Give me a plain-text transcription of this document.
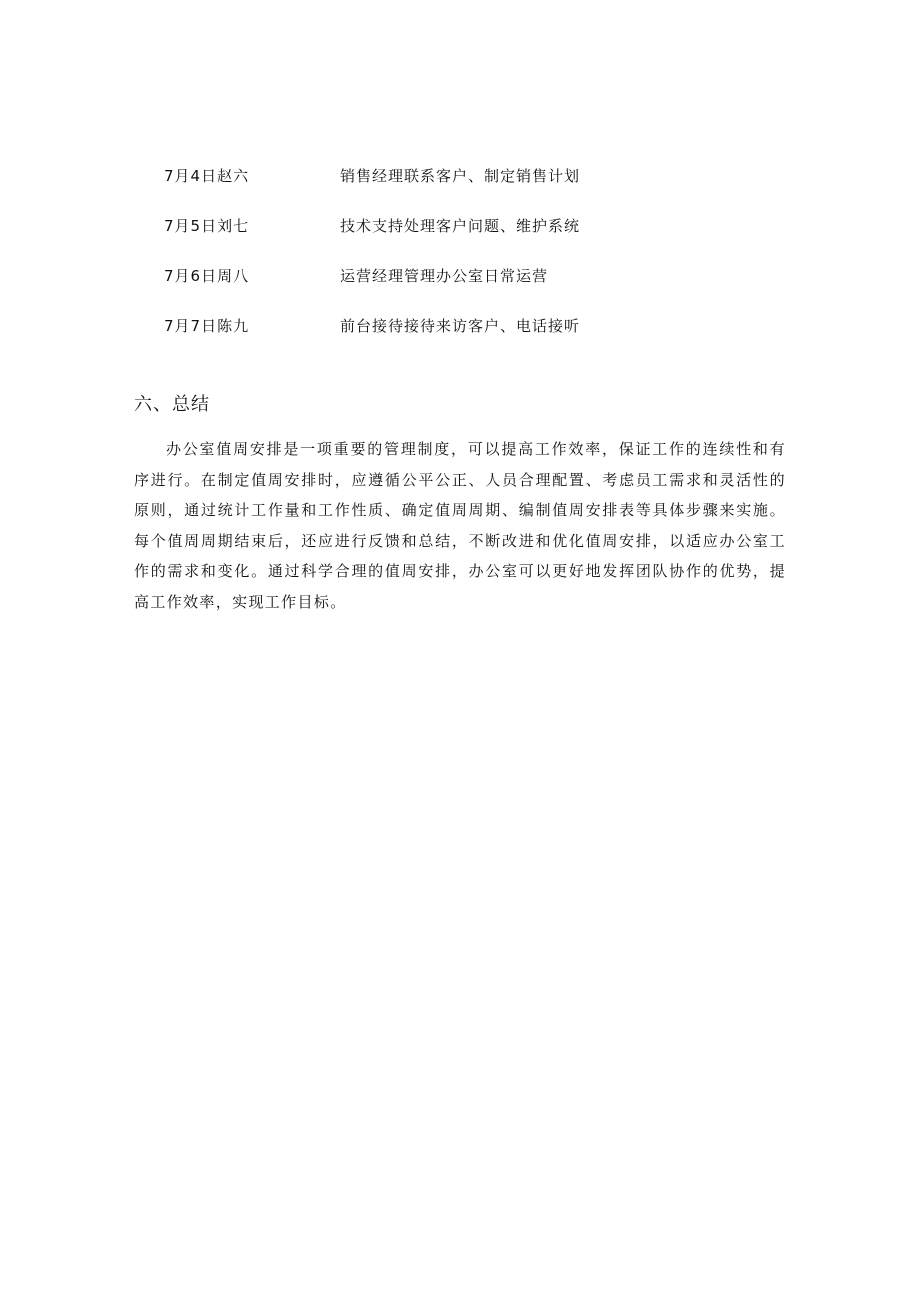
7月4日赵六	销售经理联系客户、制定销售计划
7月5日刘七	技术支持处理客户问题、维护系统
7月6日周八	运营经理管理办公室日常运营
7月7日陈九	前台接待接待来访客户、电话接听
六、总结

办公室值周安排是一项重要的管理制度，可以提高工作效率，保证工作的连续性和有序进行。在制定值周安排时，应遵循公平公正、人员合理配置、考虑员工需求和灵活性的原则，通过统计工作量和工作性质、确定值周周期、编制值周安排表等具体步骤来实施。每个值周周期结束后，还应进行反馈和总结，不断改进和优化值周安排，以适应办公室工作的需求和变化。通过科学合理的值周安排，办公室可以更好地发挥团队协作的优势，提高工作效率，实现工作目标。
